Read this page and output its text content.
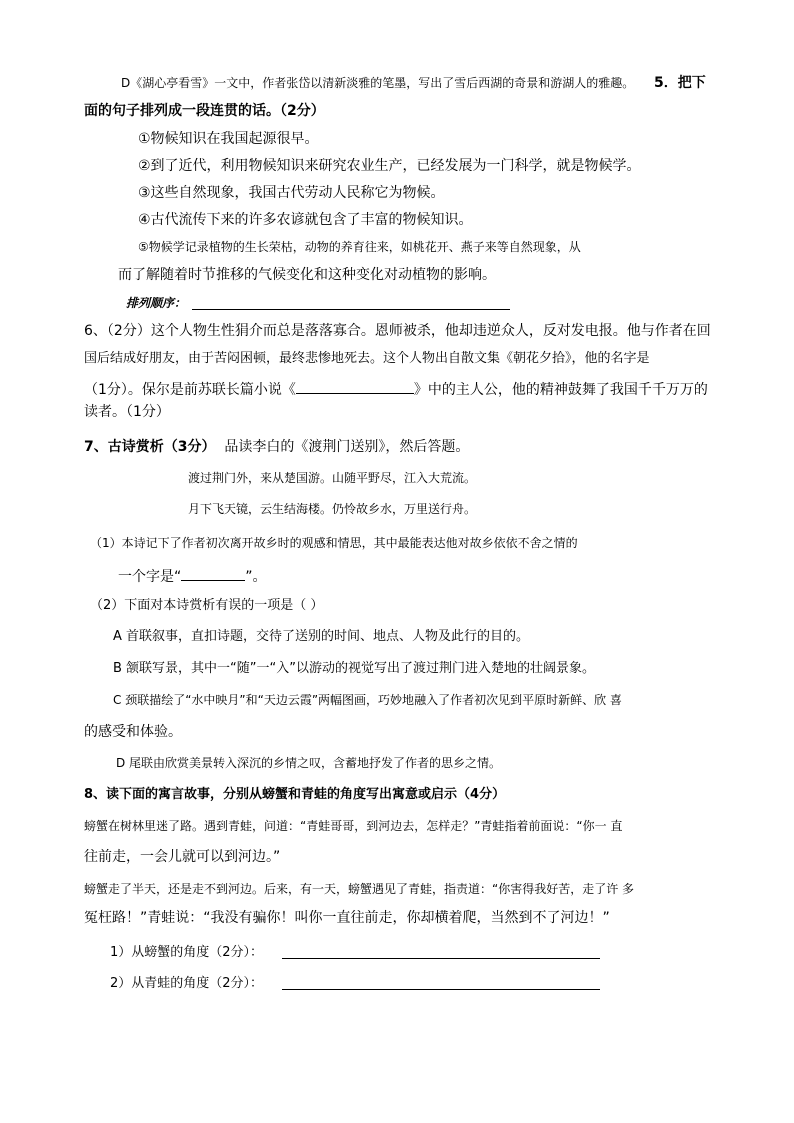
D《湖心亭看雪》一文中，作者张岱以清新淡雅的笔墨，写出了雪后西湖的奇景和游湖人的雅趣。 5．把下
面的句子排列成一段连贯的话。（2分）
①物候知识在我国起源很早。
②到了近代，利用物候知识来研究农业生产，已经发展为一门科学，就是物候学。
③这些自然现象，我国古代劳动人民称它为物候。
④古代流传下来的许多农谚就包含了丰富的物候知识。
⑤物候学记录植物的生长荣枯，动物的养育往来，如桃花开、燕子来等自然现象，从
而了解随着时节推移的气候变化和这种变化对动植物的影响。
排列顺序：
6、（2分）这个人物生性狷介而总是落落寡合。恩师被杀，他却违逆众人，反对发电报。他与作者在回
国后结成好朋友，由于苦闷困顿，最终悲惨地死去。这个人物出自散文集《朝花夕拾》，他的名字是
（1分）。保尔是前苏联长篇小说《	》中的主人公，他的精神鼓舞了我国千千万万的
读者。（1分）
7、古诗赏析（3分） 品读李白的《渡荆门送别》，然后答题。
渡过荆门外，来从楚国游。山随平野尽，江入大荒流。
月下飞天镜，云生结海楼。仍怜故乡水，万里送行舟。
（1）本诗记下了作者初次离开故乡时的观感和情思，其中最能表达他对故乡依依不舍之情的
一个字是“	”。
（2）下面对本诗赏析有误的一项是（ ）
A 首联叙事，直扣诗题，交待了送别的时间、地点、人物及此行的目的。
B 颔联写景，其中一“随”一“入”以游动的视觉写出了渡过荆门进入楚地的壮阔景象。
C 颈联描绘了“水中映月”和“天边云霞”两幅图画，巧妙地融入了作者初次见到平原时新鲜、欣 喜
的感受和体验。
D 尾联由欣赏美景转入深沉的乡情之叹，含蓄地抒发了作者的思乡之情。
8、读下面的寓言故事，分别从螃蟹和青蛙的角度写出寓意或启示（4分）
螃蟹在树林里迷了路。遇到青蛙，问道：“青蛙哥哥，到河边去，怎样走？”青蛙指着前面说：“你一 直
往前走，一会儿就可以到河边。”
螃蟹走了半天，还是走不到河边。后来，有一天，螃蟹遇见了青蛙，指责道：“你害得我好苦，走了许 多
冤枉路！”青蛙说：“我没有骗你！叫你一直往前走，你却横着爬，当然到不了河边！”
1）从螃蟹的角度（2分）：
2）从青蛙的角度（2分）：
